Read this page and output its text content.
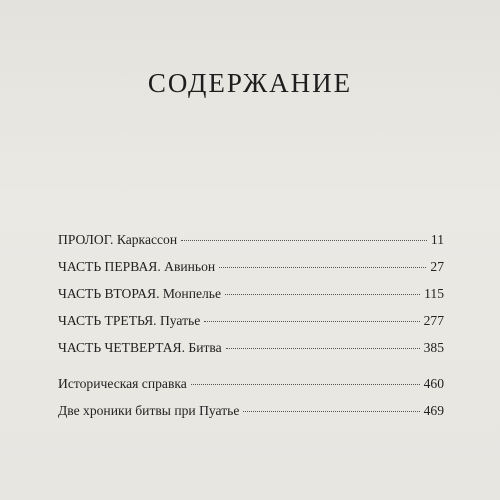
СОДЕРЖАНИЕ
ПРОЛОГ. Каркассон	11
ЧАСТЬ ПЕРВАЯ. Авиньон	27
ЧАСТЬ ВТОРАЯ. Монпелье	115
ЧАСТЬ ТРЕТЬЯ. Пуатье	277
ЧАСТЬ ЧЕТВЕРТАЯ. Битва	385
Историческая справка	460
Две хроники битвы при Пуатье	469
